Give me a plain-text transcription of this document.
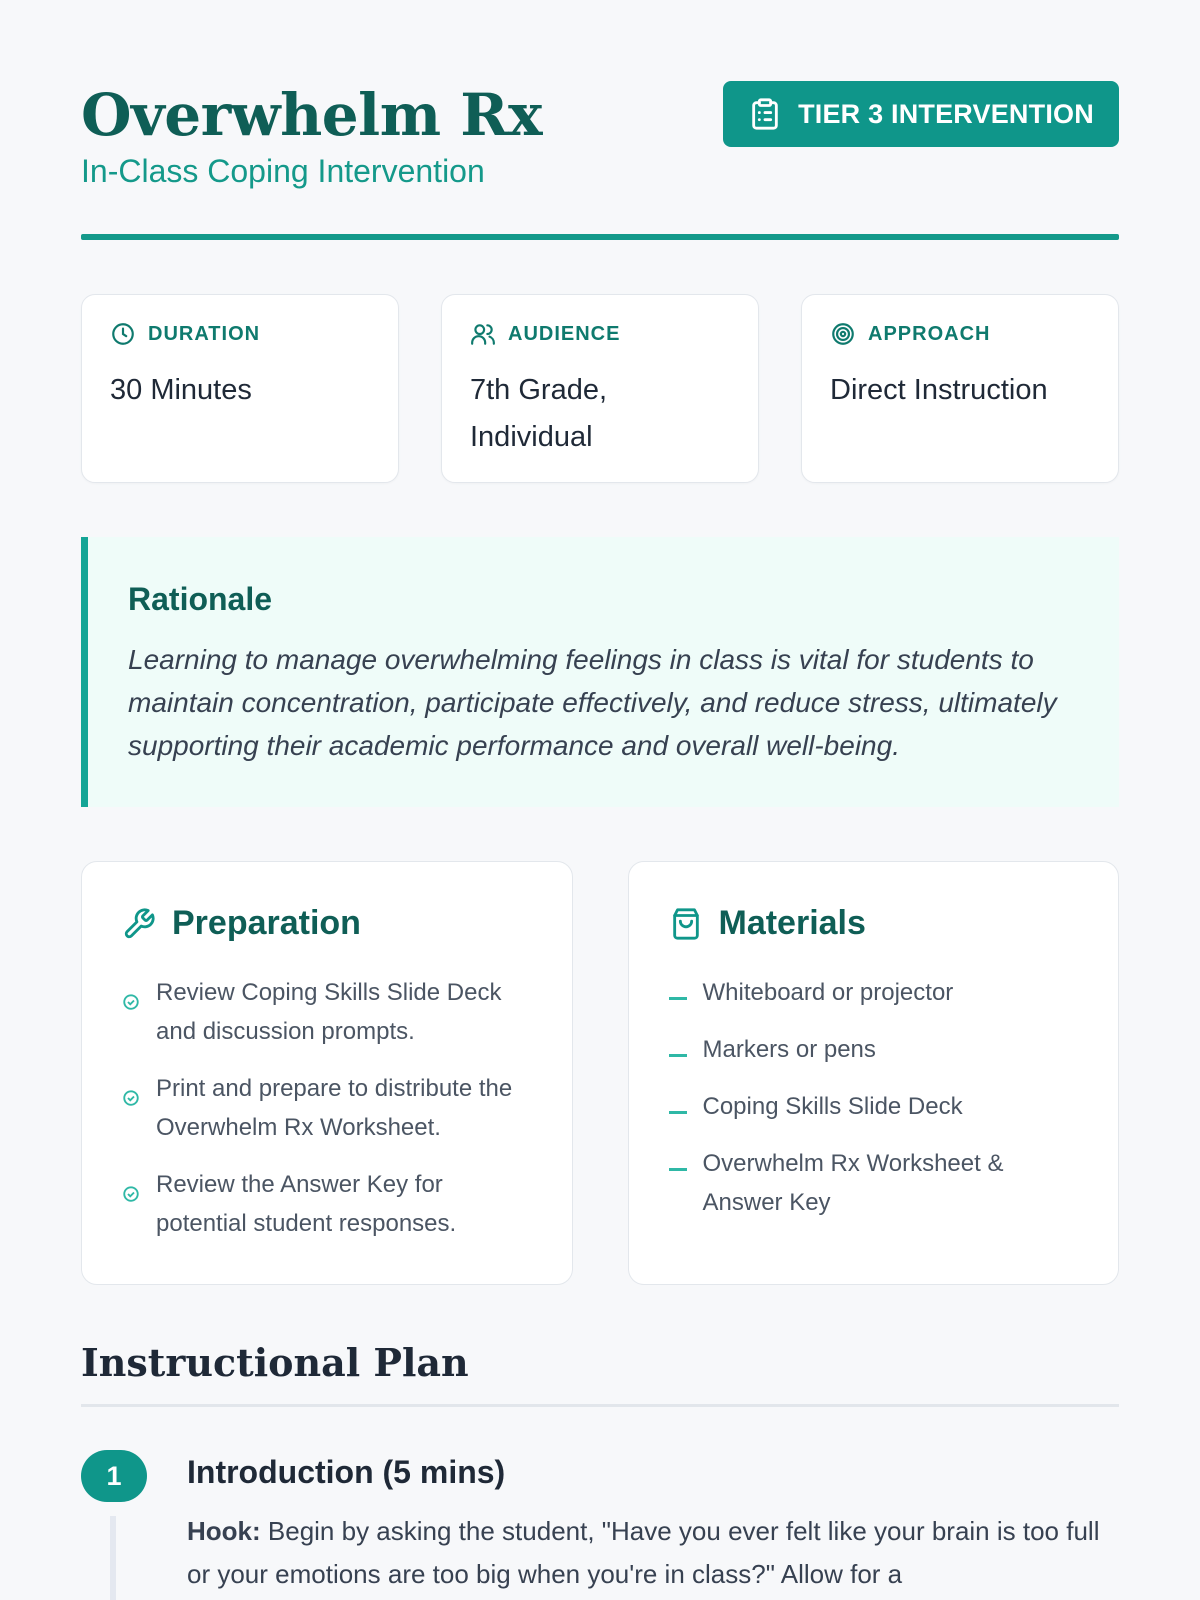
Overwhelm Rx
In-Class Coping Intervention
TIER 3 INTERVENTION
DURATION
30 Minutes
AUDIENCE
7th Grade, Individual
APPROACH
Direct Instruction
Rationale

Learning to manage overwhelming feelings in class is vital for students to maintain concentration, participate effectively, and reduce stress, ultimately supporting their academic performance and overall well-being.

Preparation
Review Coping Skills Slide Deck and discussion prompts.
Print and prepare to distribute the Overwhelm Rx Worksheet.
Review the Answer Key for potential student responses.
Materials
Whiteboard or projector
Markers or pens
Coping Skills Slide Deck
Overwhelm Rx Worksheet & Answer Key
Instructional Plan
1	Introduction (5 mins)
Hook: Begin by asking the student, "Have you ever felt like your brain is too full or your emotions are too big when you're in class?" Allow for a
